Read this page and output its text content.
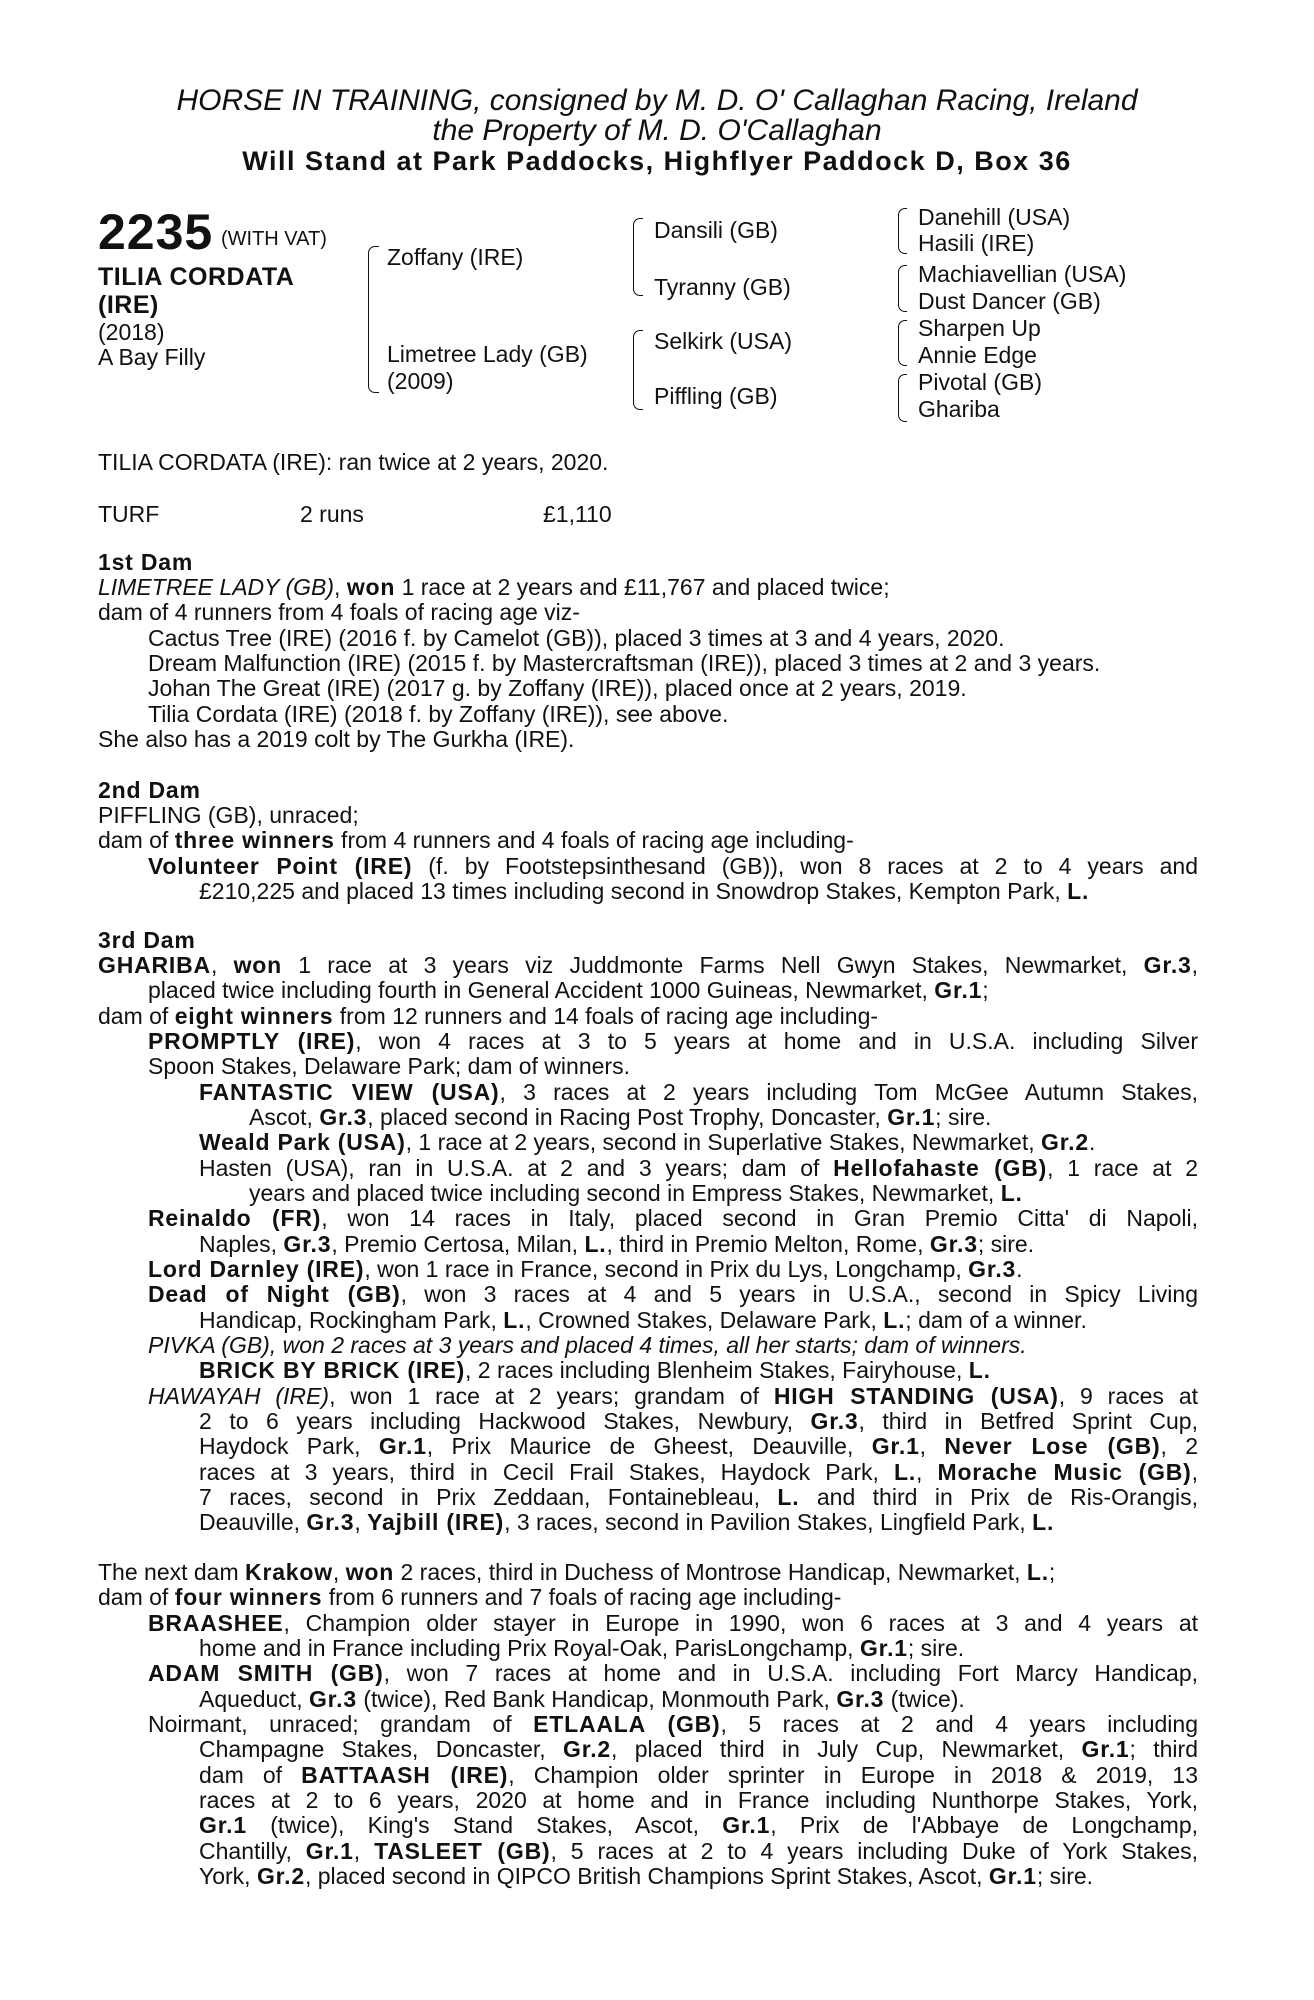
HORSE IN TRAINING, consigned by M. D. O' Callaghan Racing, Ireland
the Property of M. D. O'Callaghan
Will Stand at Park Paddocks, Highflyer Paddock D, Box 36
2235 (WITH VAT)
TILIA CORDATA
(IRE)
(2018)
A Bay Filly
Zoffany (IRE)
Limetree Lady (GB)
(2009)
Dansili (GB)
Tyranny (GB)
Selkirk (USA)
Piffling (GB)
Danehill (USA)
Hasili (IRE)
Machiavellian (USA)
Dust Dancer (GB)
Sharpen Up
Annie Edge
Pivotal (GB)
Ghariba
TILIA CORDATA (IRE): ran twice at 2 years, 2020.
TURF	2 runs	£1,110
1st Dam
LIMETREE LADY (GB), won 1 race at 2 years and £11,767 and placed twice;
dam of 4 runners from 4 foals of racing age viz-
Cactus Tree (IRE) (2016 f. by Camelot (GB)), placed 3 times at 3 and 4 years, 2020.
Dream Malfunction (IRE) (2015 f. by Mastercraftsman (IRE)), placed 3 times at 2 and 3 years.
Johan The Great (IRE) (2017 g. by Zoffany (IRE)), placed once at 2 years, 2019.
Tilia Cordata (IRE) (2018 f. by Zoffany (IRE)), see above.
She also has a 2019 colt by The Gurkha (IRE).
2nd Dam
PIFFLING (GB), unraced;
dam of three winners from 4 runners and 4 foals of racing age including-
Volunteer Point (IRE) (f. by Footstepsinthesand (GB)), won 8 races at 2 to 4 years and
£210,225 and placed 13 times including second in Snowdrop Stakes, Kempton Park, L.
3rd Dam
GHARIBA, won 1 race at 3 years viz Juddmonte Farms Nell Gwyn Stakes, Newmarket, Gr.3,
placed twice including fourth in General Accident 1000 Guineas, Newmarket, Gr.1;
dam of eight winners from 12 runners and 14 foals of racing age including-
PROMPTLY (IRE), won 4 races at 3 to 5 years at home and in U.S.A. including Silver
Spoon Stakes, Delaware Park; dam of winners.
FANTASTIC VIEW (USA), 3 races at 2 years including Tom McGee Autumn Stakes,
Ascot, Gr.3, placed second in Racing Post Trophy, Doncaster, Gr.1; sire.
Weald Park (USA), 1 race at 2 years, second in Superlative Stakes, Newmarket, Gr.2.
Hasten (USA), ran in U.S.A. at 2 and 3 years; dam of Hellofahaste (GB), 1 race at 2
years and placed twice including second in Empress Stakes, Newmarket, L.
Reinaldo (FR), won 14 races in Italy, placed second in Gran Premio Citta' di Napoli,
Naples, Gr.3, Premio Certosa, Milan, L., third in Premio Melton, Rome, Gr.3; sire.
Lord Darnley (IRE), won 1 race in France, second in Prix du Lys, Longchamp, Gr.3.
Dead of Night (GB), won 3 races at 4 and 5 years in U.S.A., second in Spicy Living
Handicap, Rockingham Park, L., Crowned Stakes, Delaware Park, L.; dam of a winner.
PIVKA (GB), won 2 races at 3 years and placed 4 times, all her starts; dam of winners.
BRICK BY BRICK (IRE), 2 races including Blenheim Stakes, Fairyhouse, L.
HAWAYAH (IRE), won 1 race at 2 years; grandam of HIGH STANDING (USA), 9 races at
2 to 6 years including Hackwood Stakes, Newbury, Gr.3, third in Betfred Sprint Cup,
Haydock Park, Gr.1, Prix Maurice de Gheest, Deauville, Gr.1, Never Lose (GB), 2
races at 3 years, third in Cecil Frail Stakes, Haydock Park, L., Morache Music (GB),
7 races, second in Prix Zeddaan, Fontainebleau, L. and third in Prix de Ris-Orangis,
Deauville, Gr.3, Yajbill (IRE), 3 races, second in Pavilion Stakes, Lingfield Park, L.
The next dam Krakow, won 2 races, third in Duchess of Montrose Handicap, Newmarket, L.;
dam of four winners from 6 runners and 7 foals of racing age including-
BRAASHEE, Champion older stayer in Europe in 1990, won 6 races at 3 and 4 years at
home and in France including Prix Royal-Oak, ParisLongchamp, Gr.1; sire.
ADAM SMITH (GB), won 7 races at home and in U.S.A. including Fort Marcy Handicap,
Aqueduct, Gr.3 (twice), Red Bank Handicap, Monmouth Park, Gr.3 (twice).
Noirmant, unraced; grandam of ETLAALA (GB), 5 races at 2 and 4 years including
Champagne Stakes, Doncaster, Gr.2, placed third in July Cup, Newmarket, Gr.1; third
dam of BATTAASH (IRE), Champion older sprinter in Europe in 2018 & 2019, 13
races at 2 to 6 years, 2020 at home and in France including Nunthorpe Stakes, York,
Gr.1 (twice), King's Stand Stakes, Ascot, Gr.1, Prix de l'Abbaye de Longchamp,
Chantilly, Gr.1, TASLEET (GB), 5 races at 2 to 4 years including Duke of York Stakes,
York, Gr.2, placed second in QIPCO British Champions Sprint Stakes, Ascot, Gr.1; sire.
